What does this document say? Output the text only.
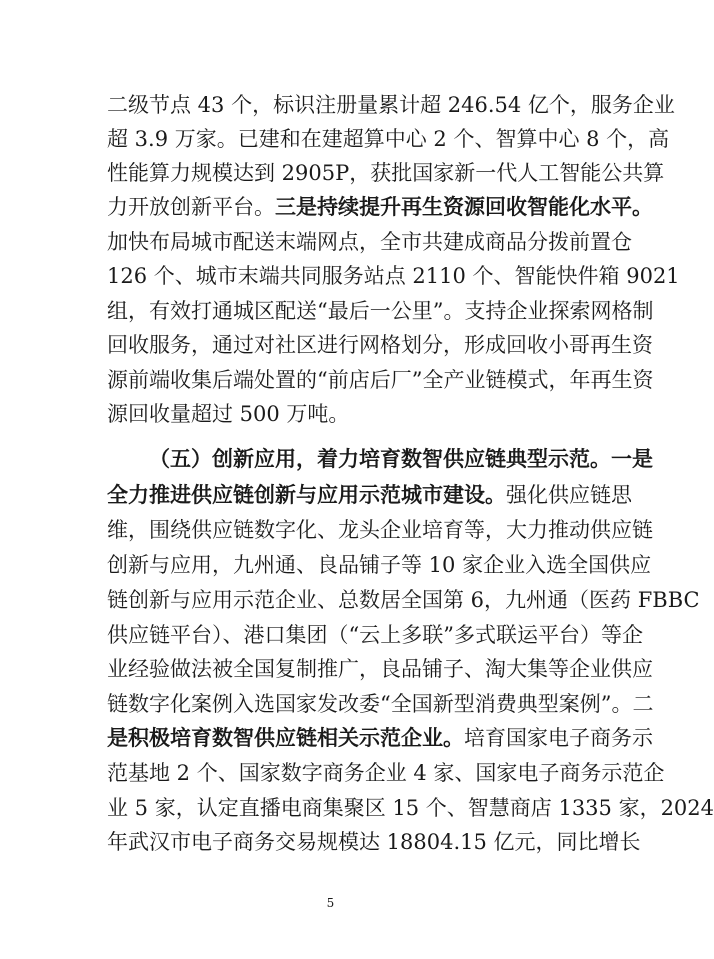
二级节点 43 个，标识注册量累计超 246.54 亿个，服务企业
超 3.9 万家。已建和在建超算中心 2 个、智算中心 8 个，高
性能算力规模达到 2905P，获批国家新一代人工智能公共算
力开放创新平台。三是持续提升再生资源回收智能化水平。
加快布局城市配送末端网点，全市共建成商品分拨前置仓
126 个、城市末端共同服务站点 2110 个、智能快件箱 9021
组，有效打通城区配送“最后一公里”。支持企业探索网格制
回收服务，通过对社区进行网格划分，形成回收小哥再生资
源前端收集后端处置的“前店后厂”全产业链模式，年再生资
源回收量超过 500 万吨。
（五）创新应用，着力培育数智供应链典型示范。一是
全力推进供应链创新与应用示范城市建设。强化供应链思
维，围绕供应链数字化、龙头企业培育等，大力推动供应链
创新与应用，九州通、良品铺子等 10 家企业入选全国供应
链创新与应用示范企业、总数居全国第 6，九州通（医药 FBBC
供应链平台）、港口集团（“云上多联”多式联运平台）等企
业经验做法被全国复制推广，良品铺子、淘大集等企业供应
链数字化案例入选国家发改委“全国新型消费典型案例”。二
是积极培育数智供应链相关示范企业。培育国家电子商务示
范基地 2 个、国家数字商务企业 4 家、国家电子商务示范企
业 5 家，认定直播电商集聚区 15 个、智慧商店 1335 家，2024
年武汉市电子商务交易规模达 18804.15 亿元，同比增长
5
